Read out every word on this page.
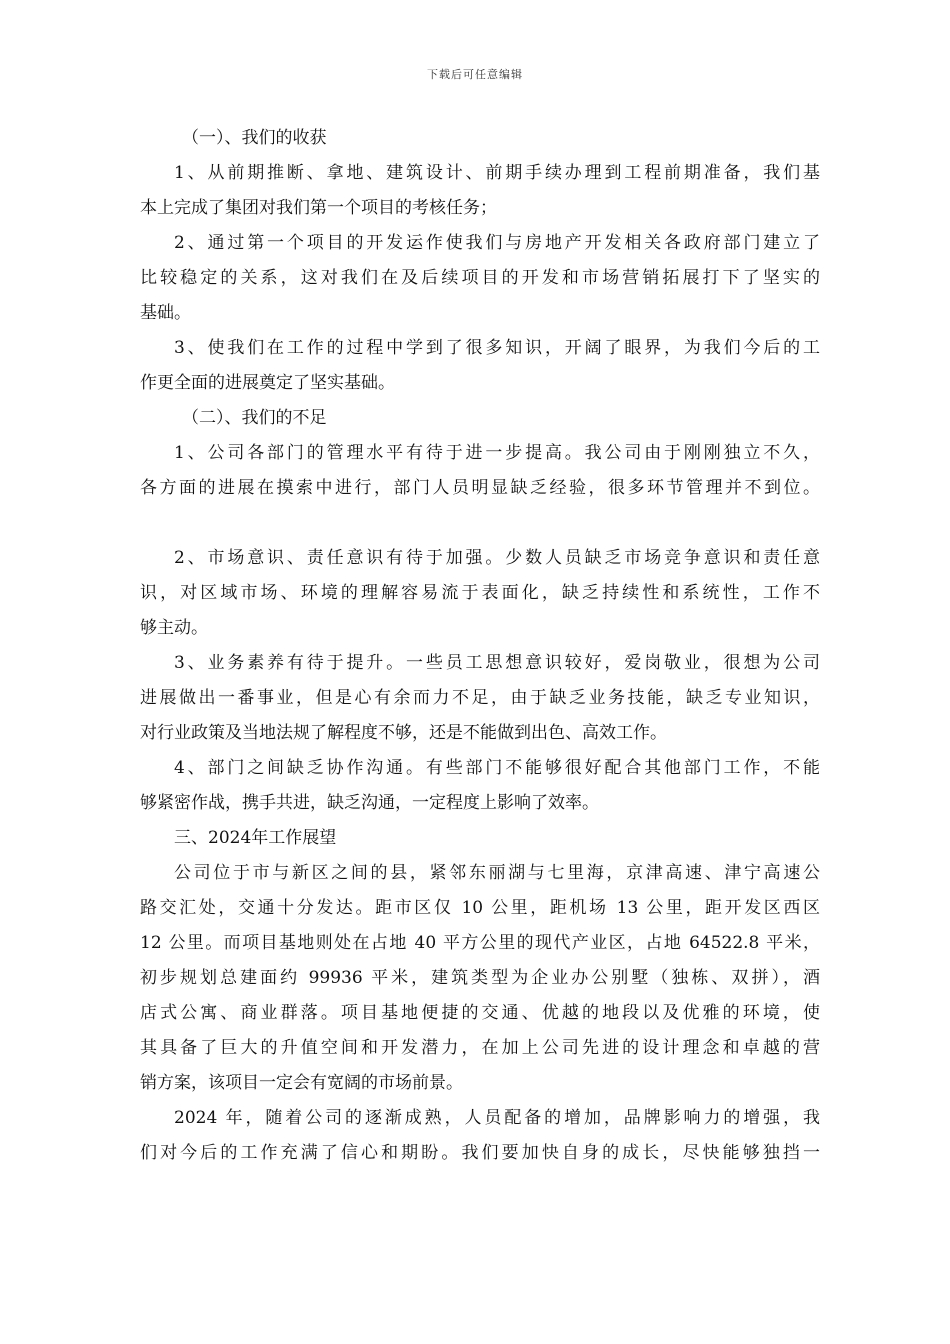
下载后可任意编辑
（一）、我们的收获
1、从前期推断、拿地、建筑设计、前期手续办理到工程前期准备，我们基
本上完成了集团对我们第一个项目的考核任务；
2、通过第一个项目的开发运作使我们与房地产开发相关各政府部门建立了
比较稳定的关系，这对我们在及后续项目的开发和市场营销拓展打下了坚实的
基础。
3、使我们在工作的过程中学到了很多知识，开阔了眼界，为我们今后的工
作更全面的进展奠定了坚实基础。
（二）、我们的不足
1、公司各部门的管理水平有待于进一步提高。我公司由于刚刚独立不久，
各方面的进展在摸索中进行，部门人员明显缺乏经验，很多环节管理并不到位。
2、市场意识、责任意识有待于加强。少数人员缺乏市场竞争意识和责任意
识，对区域市场、环境的理解容易流于表面化，缺乏持续性和系统性，工作不
够主动。
3、业务素养有待于提升。一些员工思想意识较好，爱岗敬业，很想为公司
进展做出一番事业，但是心有余而力不足，由于缺乏业务技能，缺乏专业知识，
对行业政策及当地法规了解程度不够，还是不能做到出色、高效工作。
4、部门之间缺乏协作沟通。有些部门不能够很好配合其他部门工作，不能
够紧密作战，携手共进，缺乏沟通，一定程度上影响了效率。
三、2024年工作展望
公司位于市与新区之间的县，紧邻东丽湖与七里海，京津高速、津宁高速公
路交汇处，交通十分发达。距市区仅 10 公里，距机场 13 公里，距开发区西区
12 公里。而项目基地则处在占地 40 平方公里的现代产业区，占地 64522.8 平米，
初步规划总建面约 99936 平米，建筑类型为企业办公别墅（独栋、双拼），酒
店式公寓、商业群落。项目基地便捷的交通、优越的地段以及优雅的环境，使
其具备了巨大的升值空间和开发潜力，在加上公司先进的设计理念和卓越的营
销方案，该项目一定会有宽阔的市场前景。
2024 年，随着公司的逐渐成熟，人员配备的增加，品牌影响力的增强，我
们对今后的工作充满了信心和期盼。我们要加快自身的成长，尽快能够独挡一
